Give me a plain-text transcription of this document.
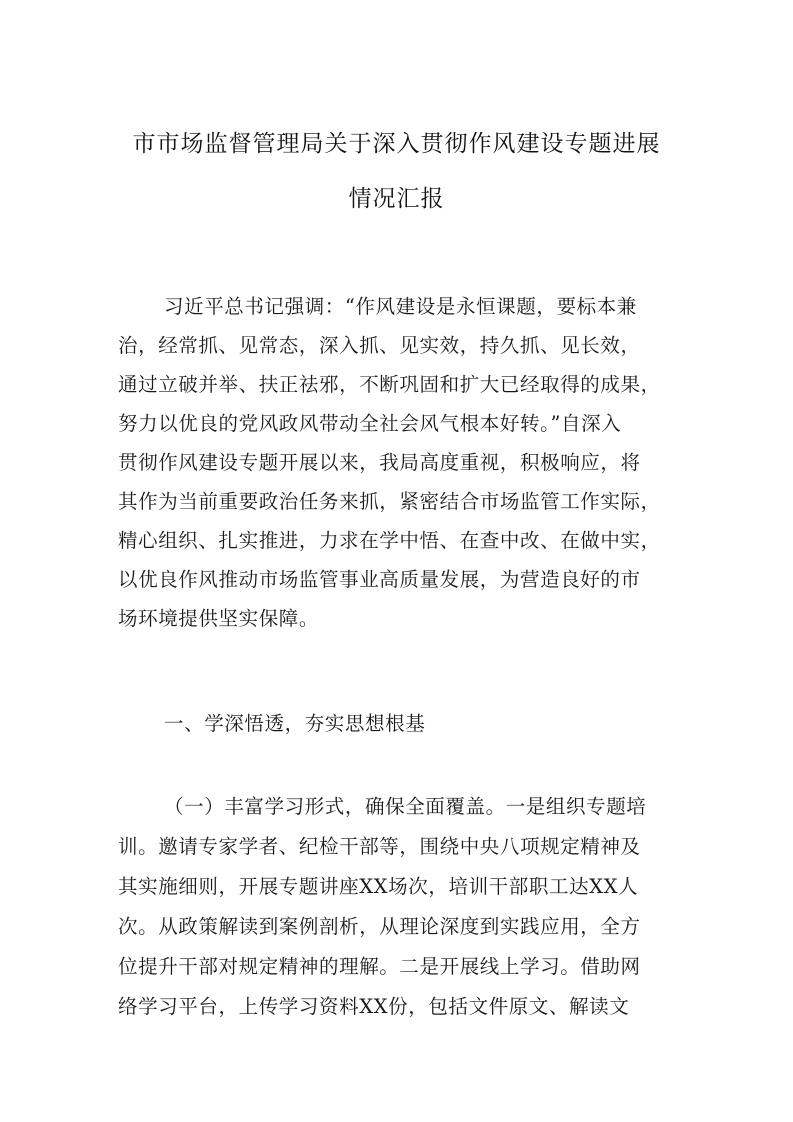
市市场监督管理局关于深入贯彻作风建设专题进展
情况汇报
习近平总书记强调：“作风建设是永恒课题，要标本兼
治，经常抓、见常态，深入抓、见实效，持久抓、见长效，
通过立破并举、扶正祛邪，不断巩固和扩大已经取得的成果，
努力以优良的党风政风带动全社会风气根本好转。”自深入
贯彻作风建设专题开展以来，我局高度重视，积极响应，将
其作为当前重要政治任务来抓，紧密结合市场监管工作实际，
精心组织、扎实推进，力求在学中悟、在查中改、在做中实，
以优良作风推动市场监管事业高质量发展，为营造良好的市
场环境提供坚实保障。
一、学深悟透，夯实思想根基
（一）丰富学习形式，确保全面覆盖。一是组织专题培
训。邀请专家学者、纪检干部等，围绕中央八项规定精神及
其实施细则，开展专题讲座XX场次，培训干部职工达XX人
次。从政策解读到案例剖析，从理论深度到实践应用，全方
位提升干部对规定精神的理解。二是开展线上学习。借助网
络学习平台，上传学习资料XX份，包括文件原文、解读文
